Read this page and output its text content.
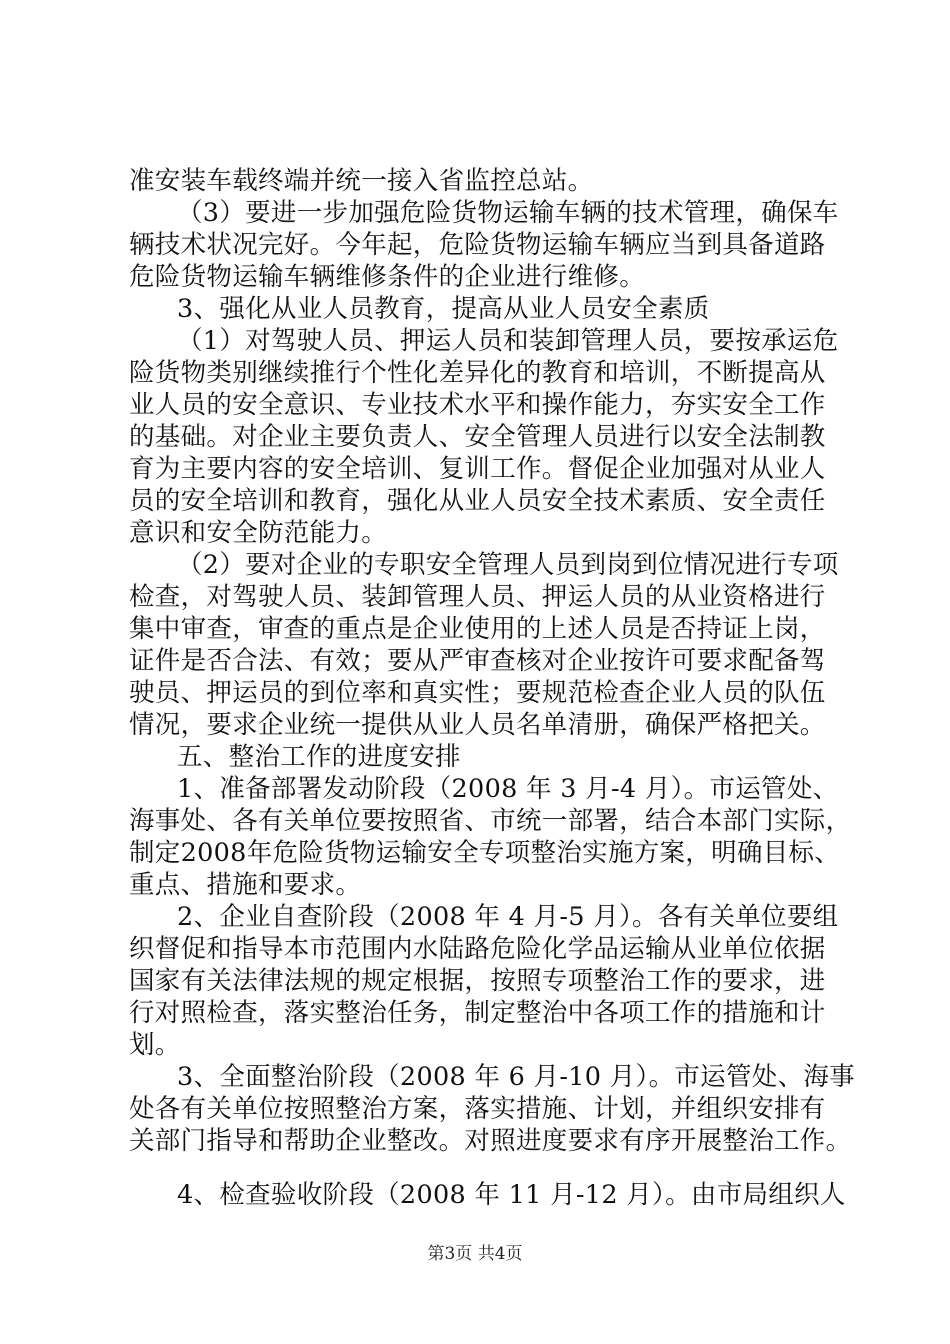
准安装车载终端并统一接入省监控总站。
（3）要进一步加强危险货物运输车辆的技术管理，确保车
辆技术状况完好。今年起，危险货物运输车辆应当到具备道路
危险货物运输车辆维修条件的企业进行维修。
3、强化从业人员教育，提高从业人员安全素质
（1）对驾驶人员、押运人员和装卸管理人员，要按承运危
险货物类别继续推行个性化差异化的教育和培训，不断提高从
业人员的安全意识、专业技术水平和操作能力，夯实安全工作
的基础。对企业主要负责人、安全管理人员进行以安全法制教
育为主要内容的安全培训、复训工作。督促企业加强对从业人
员的安全培训和教育，强化从业人员安全技术素质、安全责任
意识和安全防范能力。
（2）要对企业的专职安全管理人员到岗到位情况进行专项
检查，对驾驶人员、装卸管理人员、押运人员的从业资格进行
集中审查，审查的重点是企业使用的上述人员是否持证上岗，
证件是否合法、有效；要从严审查核对企业按许可要求配备驾
驶员、押运员的到位率和真实性；要规范检查企业人员的队伍
情况，要求企业统一提供从业人员名单清册，确保严格把关。
五、整治工作的进度安排
1、准备部署发动阶段（2008 年 3 月-4 月）。市运管处、
海事处、各有关单位要按照省、市统一部署，结合本部门实际，
制定2008年危险货物运输安全专项整治实施方案，明确目标、
重点、措施和要求。
2、企业自查阶段（2008 年 4 月-5 月）。各有关单位要组
织督促和指导本市范围内水陆路危险化学品运输从业单位依据
国家有关法律法规的规定根据，按照专项整治工作的要求，进
行对照检查，落实整治任务，制定整治中各项工作的措施和计
划。
3、全面整治阶段（2008 年 6 月-10 月）。市运管处、海事
处各有关单位按照整治方案，落实措施、计划，并组织安排有
关部门指导和帮助企业整改。对照进度要求有序开展整治工作。
4、检查验收阶段（2008 年 11 月-12 月）。由市局组织人
第3页 共4页
